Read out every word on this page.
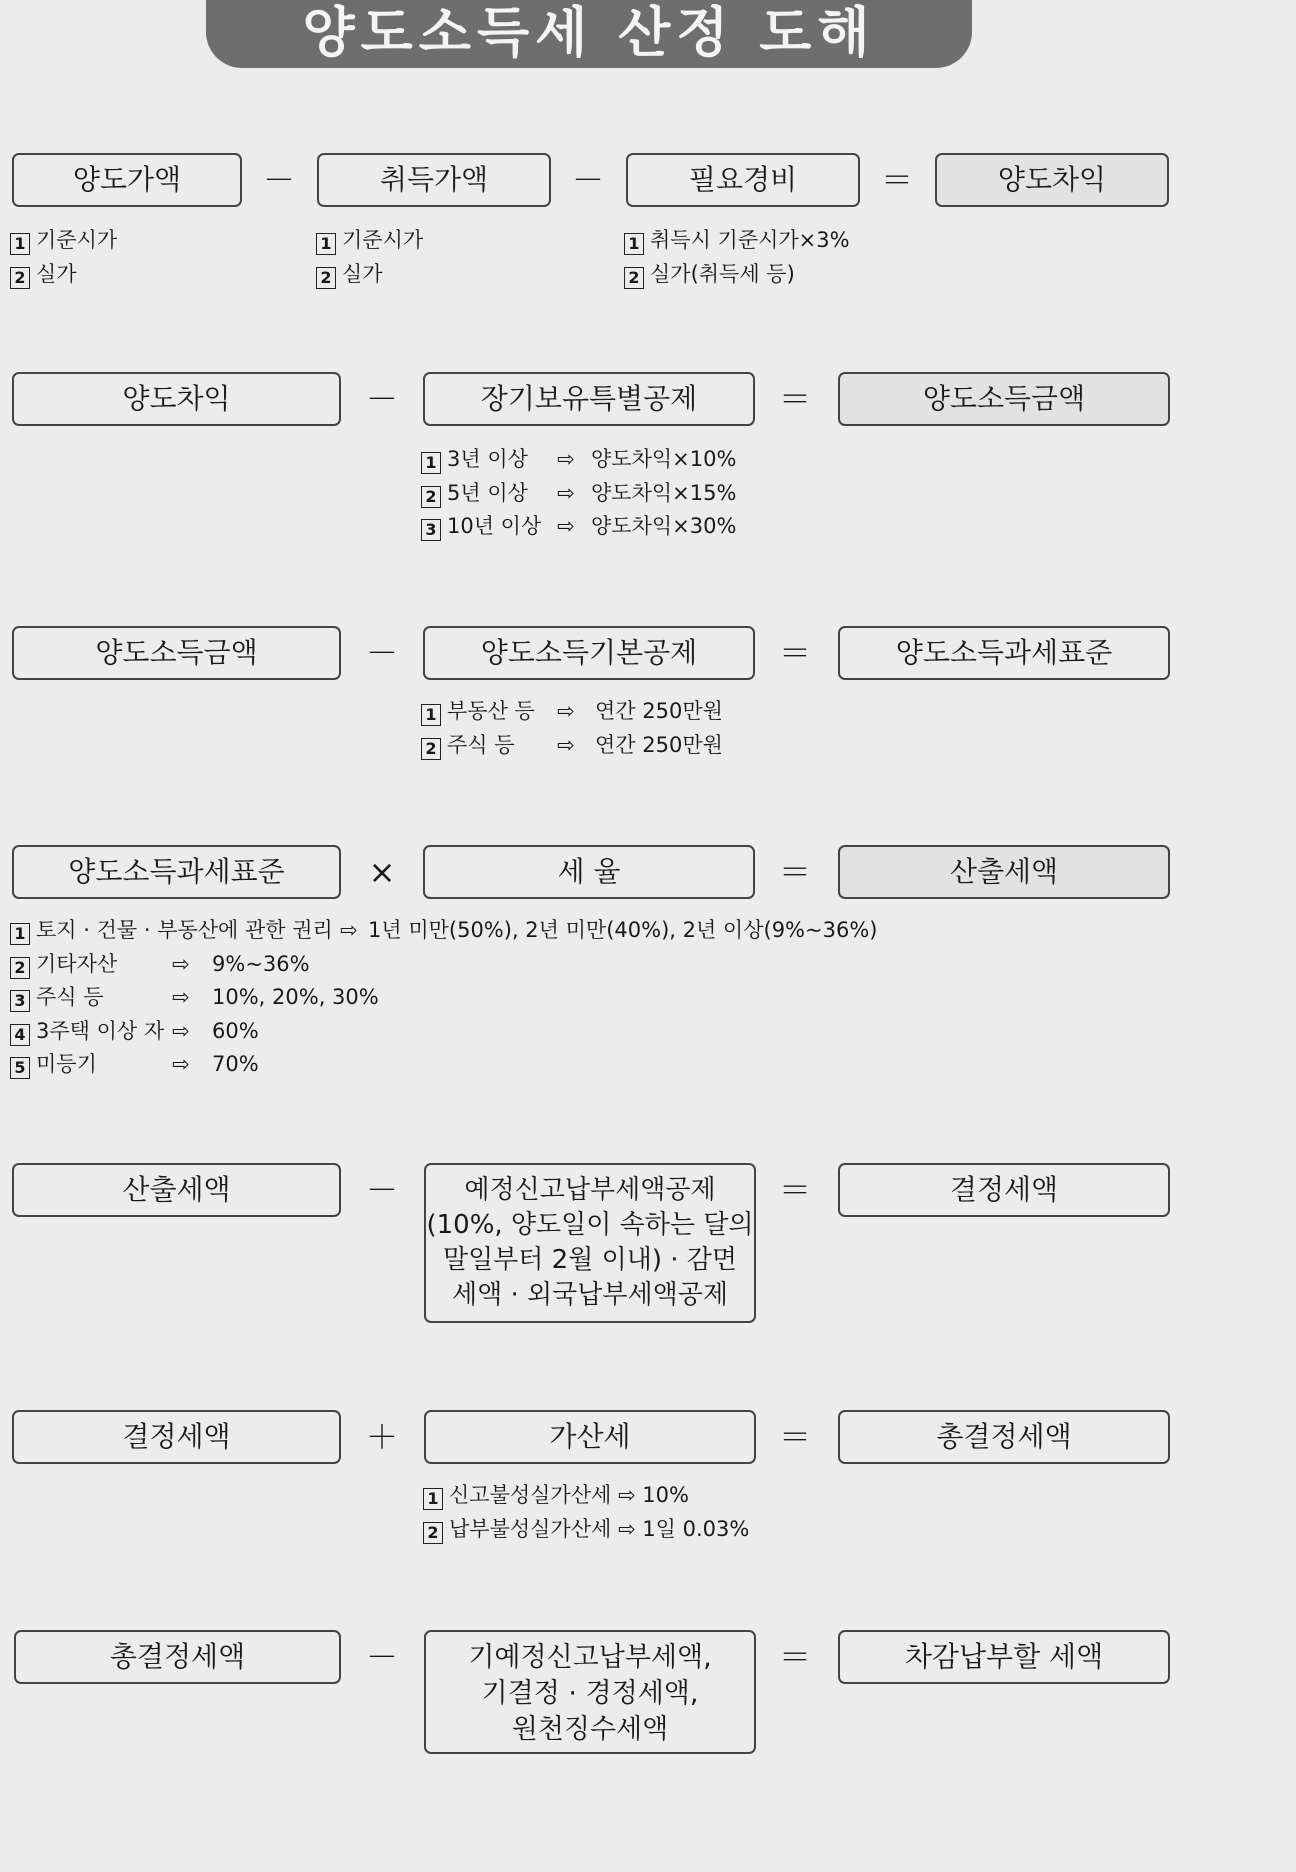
양도소득세 산정 도해
양도가액	－	취득가액	－	필요경비	＝	양도차익
1 기준시가
2 실가
1 기준시가
2 실가
1 취득시 기준시가×3%
2 실가(취득세 등)
양도차익	－	장기보유특별공제	＝	양도소득금액
1 3년 이상 ⇨ 양도차익×10%
2 5년 이상 ⇨ 양도차익×15%
3 10년 이상 ⇨ 양도차익×30%
양도소득금액	－	양도소득기본공제	＝	양도소득과세표준
1 부동산 등 ⇨ 연간 250만원
2 주식 등 ⇨ 연간 250만원
양도소득과세표준	×	세 율	＝	산출세액
1 토지 · 건물 · 부동산에 관한 권리 ⇨ 1년 미만(50%), 2년 미만(40%), 2년 이상(9%~36%)
2 기타자산	⇨ 9%~36%
3 주식 등	⇨ 10%, 20%, 30%
4 3주택 이상 자 ⇨ 60%
5 미등기	⇨ 70%
산출세액	－	예정신고납부세액공제
(10%, 양도일이 속하는 달의
말일부터 2월 이내) · 감면
세액 · 외국납부세액공제
＝	결정세액
결정세액	＋	가산세	＝	총결정세액
1 신고불성실가산세 ⇨ 10%
2 납부불성실가산세 ⇨ 1일 0.03%
총결정세액	－	기예정신고납부세액,
기결정 · 경정세액,
원천징수세액
＝	차감납부할 세액
